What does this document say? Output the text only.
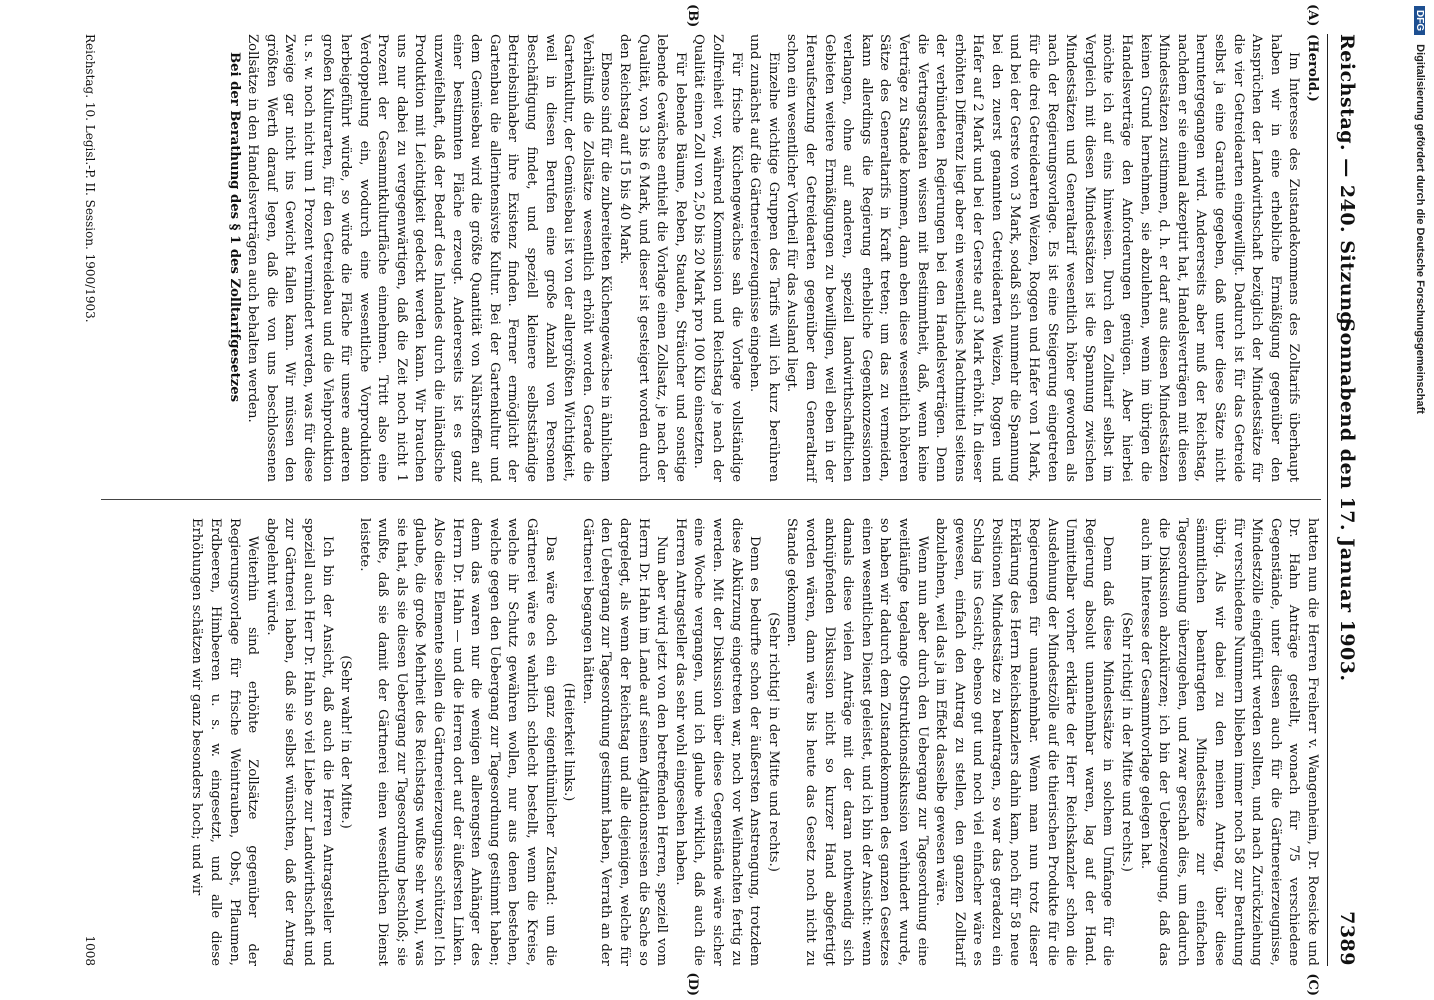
Reichstag. — 240. Sitzung.
Sonnabend den 17. Januar 1903.
7389
(A)
(B)

(Herold.)

Im Interesse des Zustandekommens des Zolltarifs überhaupt haben wir in eine erhebliche Ermäßigung gegenüber den Ansprüchen der Landwirthschaft bezüglich der Mindestsätze für die vier Getreidearten eingewilligt. Dadurch ist für das Getreide selbst ja eine Garantie gegeben, daß unter diese Sätze nicht heruntergegangen wird. Andererseits aber muß der Reichstag, nachdem er sie einmal akzeptirt hat, Handelsverträgen mit diesen Mindestsätzen zustimmen, d. h. er darf aus diesen Mindestsätzen keinen Grund hernehmen, sie abzulehnen, wenn im übrigen die Handelsverträge den Anforderungen genügen. Aber hierbei möchte ich auf eins hinweisen. Durch den Zolltarif selbst im Vergleich mit diesen Mindestsätzen ist die Spannung zwischen Mindestsätzen und Generaltarif wesentlich höher geworden als nach der Regierungsvorlage. Es ist eine Steigerung eingetreten für die drei Getreidearten Weizen, Roggen und Hafer von 1 Mark, und bei der Gerste von 3 Mark, sodaß sich nunmehr die Spannung bei den zuerst genannten Getreidearten Weizen, Roggen und Hafer auf 2 Mark und bei der Gerste auf 3 Mark erhöht. In dieser erhöhten Differenz liegt aber ein wesentliches Machtmittel seitens der verbündeten Regierungen bei den Handelsverträgen. Denn die Vertragsstaaten wissen mit Bestimmtheit, daß, wenn keine Verträge zu Stande kommen, dann eben diese wesentlich höheren Sätze des Generaltarifs in Kraft treten; um das zu vermeiden, kann allerdings die Regierung erhebliche Gegenkonzessionen verlangen, ohne auf anderen, speziell landwirthschaftlichen Gebieten weitere Ermäßigungen zu bewilligen, weil eben in der Heraufsetzung der Getreidearten gegenüber dem Generaltarif schon ein wesentlicher Vortheil für das Ausland liegt.

Einzelne wichtige Gruppen des Tarifs will ich kurz berühren und zunächst auf die Gärtnereierzeugnisse eingehen.

Für frische Küchengewächse sah die Vorlage vollständige Zollfreiheit vor, während Kommission und Reichstag je nach der Qualität einen Zoll von 2,50 bis 20 Mark pro 100 Kilo einsetzten.

Für lebende Bäume, Reben, Stauden, Sträucher und sonstige lebende Gewächse enthielt die Vorlage einen Zollsatz, je nach der Qualität, von 3 bis 6 Mark, und dieser ist gesteigert worden durch den Reichstag auf 15 bis 40 Mark.

Ebenso sind für die zubereiteten Küchengewächse in ähnlichem Verhältniß die Zollsätze wesentlich erhöht worden. Gerade die Gartenkultur, der Gemüsebau ist von der allergrößten Wichtigkeit, weil in diesen Berufen eine große Anzahl von Personen Beschäftigung findet, und speziell kleinere selbstständige Betriebsinhaber ihre Existenz finden. Ferner ermöglicht der Gartenbau die allerintensivste Kultur. Bei der Gartenkultur und dem Gemüsebau wird die größte Quantität von Nährstoffen auf einer bestimmten Fläche erzeugt. Andererseits ist es ganz unzweifelhaft, daß der Bedarf des Inlandes durch die inländische Produktion mit Leichtigkeit gedeckt werden kann. Wir brauchen uns nur dabei zu vergegenwärtigen, daß die Zeit noch nicht 1 Prozent der Gesammtkulturfläche einnehmen. Tritt also eine Verdoppelung ein, wodurch eine wesentliche Vorproduktion herbeigeführt würde, so würde die Fläche für unsere anderen großen Kulturarten, für den Getreidebau und die Viehproduktion u. s. w. noch nicht um 1 Prozent vermindert werden, was für diese Zweige gar nicht ins Gewicht fallen kann. Wir müssen den größten Werth darauf legen, daß die von uns beschlossenen Zollsätze in den Handelsverträgen auch behalten werden.

Bei der Berathung des § 1 des Zolltarifgesetzes

(C)
(D)

hatten nun die Herren Freiherr v. Wangenheim, Dr. Roesicke und Dr. Hahn Anträge gestellt, wonach für 75 verschiedene Gegenstände, unter diesen auch für die Gärtnereierzeugnisse, Mindestzölle eingeführt werden sollten, und nach Zurückziehung für verschiedene Nummern blieben immer noch 58 zur Berathung übrig. Als wir dabei zu den meinen Antrag, über diese sämmtlichen beantragten Mindestsätze zur einfachen Tagesordnung überzugehen, und zwar geschah dies, um dadurch die Diskussion abzukürzen; ich bin der Ueberzeugung, daß das auch im Interesse der Gesammtvorlage gelegen hat.

(Sehr richtig! in der Mitte und rechts.)

Denn daß diese Mindestsätze in solchem Umfange für die Regierung absolut unannehmbar waren, lag auf der Hand. Unmittelbar vorher erklärte der Herr Reichskanzler schon die Ausdehnung der Mindestzölle auf die thierischen Produkte für die Regierungen für unannehmbar. Wenn man nun trotz dieser Erklärung des Herrn Reichskanzlers dahin kam, noch für 58 neue Positionen Mindestsätze zu beantragen, so war das geradezu ein Schlag ins Gesicht; ebenso gut und noch viel einfacher wäre es gewesen, einfach den Antrag zu stellen, den ganzen Zolltarif abzulehnen, weil das ja im Effekt dasselbe gewesen wäre.

Wenn nun aber durch den Uebergang zur Tagesordnung eine weitläufige tagelange Obstruktionsdiskussion verhindert wurde, so haben wir dadurch dem Zustandekommen des ganzen Gesetzes einen wesentlichen Dienst geleistet, und ich bin der Ansicht: wenn damals diese vielen Anträge mit der daran nothwendig sich anknüpfenden Diskussion nicht so kurzer Hand abgefertigt worden wären, dann wäre bis heute das Gesetz noch nicht zu Stande gekommen.

(Sehr richtig! in der Mitte und rechts.)

Denn es bedurfte schon der äußersten Anstrengung, trotzdem diese Abkürzung eingetreten war, noch vor Weihnachten fertig zu werden. Mit der Diskussion über diese Gegenstände wäre sicher eine Woche vergangen, und ich glaube wirklich, daß auch die Herren Antragsteller das sehr wohl eingesehen haben.

Nun aber wird jetzt von den betreffenden Herren, speziell vom Herrn Dr. Hahn im Lande auf seinen Agitationsreisen die Sache so dargelegt, als wenn der Reichstag und alle diejenigen, welche für den Uebergang zur Tagesordnung gestimmt haben, Verrath an der Gärtnerei begangen hätten.

(Heiterkeit links.)

Das wäre doch ein ganz eigenthümlicher Zustand: um die Gärtnerei wäre es wahrlich schlecht bestellt, wenn die Kreise, welche ihr Schutz gewähren wollen, nur aus denen bestehen, welche gegen den Uebergang zur Tagesordnung gestimmt haben; denn das waren nur die wenigen allerengsten Anhänger des Herrn Dr. Hahn — und die Herren dort auf der äußersten Linken. Also diese Elemente sollen die Gärtnereierzeugnisse schützen! Ich glaube, die große Mehrheit des Reichstags wußte sehr wohl, was sie that, als sie diesen Uebergang zur Tagesordnung beschloß; sie wußte, daß sie damit der Gärtnerei einen wesentlichen Dienst leistete.

(Sehr wahr! in der Mitte.)

Ich bin der Ansicht, daß auch die Herren Antragsteller und speziell auch Herr Dr. Hahn so viel Liebe zur Landwirthschaft und zur Gärtnerei haben, daß sie selbst wünschten, daß der Antrag abgelehnt würde.

Weiterhin sind erhöhte Zollsätze gegenüber der Regierungsvorlage für frische Weintrauben, Obst, Pflaumen, Erdbeeren, Himbeeren u. s. w. eingesetzt, und alle diese Erhöhungen schätzen wir ganz besonders hoch; und wir

Reichstag. 10. Legisl.-P. II. Session. 1900/1903.
1008
DFG Digitalisierung gefördert durch die Deutsche Forschungsgemeinschaft
